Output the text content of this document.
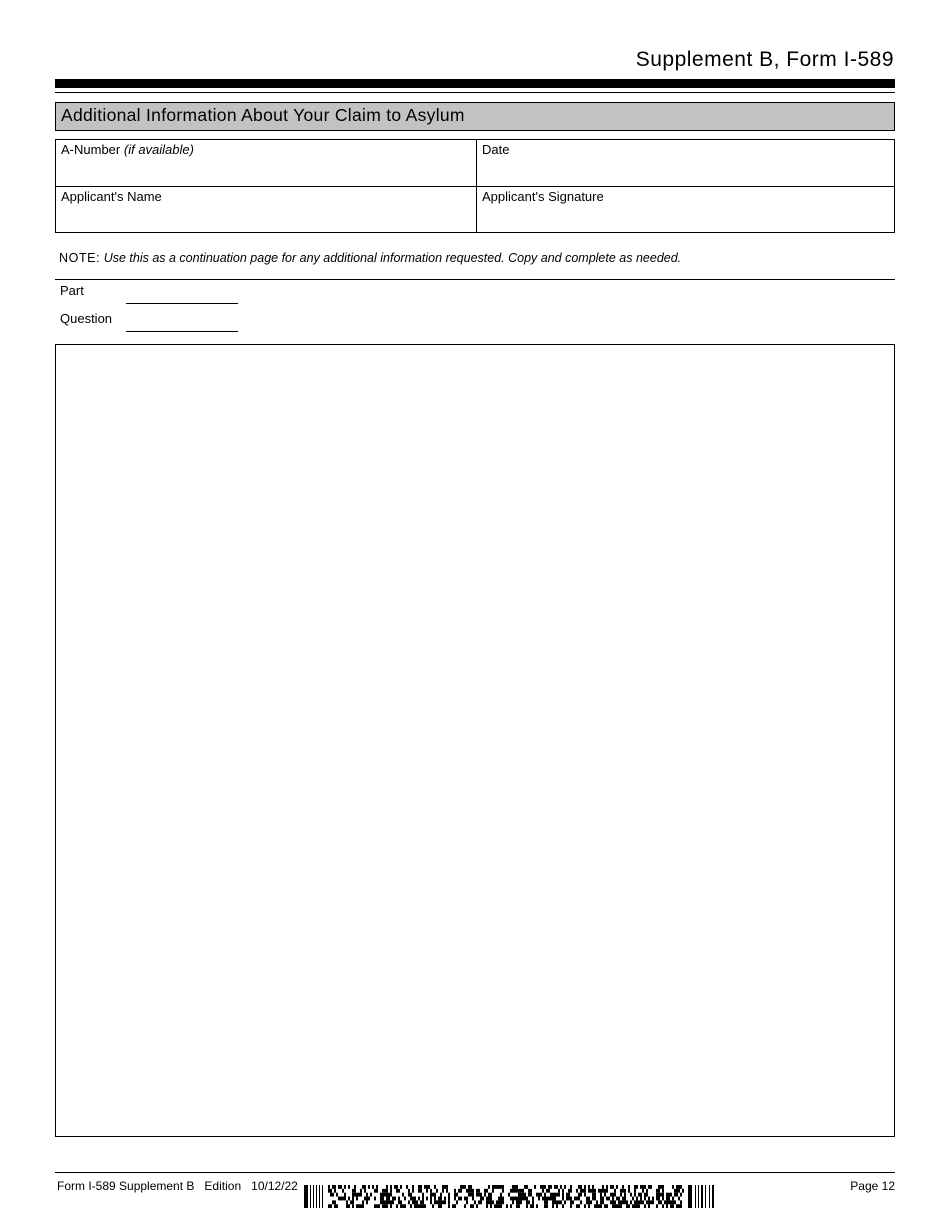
Supplement B, Form I-589
Additional Information About Your Claim to Asylum
A-Number (if available)	Date
Applicant's Name	Applicant's Signature
NOTE: Use this as a continuation page for any additional information requested. Copy and complete as needed.
Part
Question
Form I-589 Supplement B Edition 10/12/22	Page 12
